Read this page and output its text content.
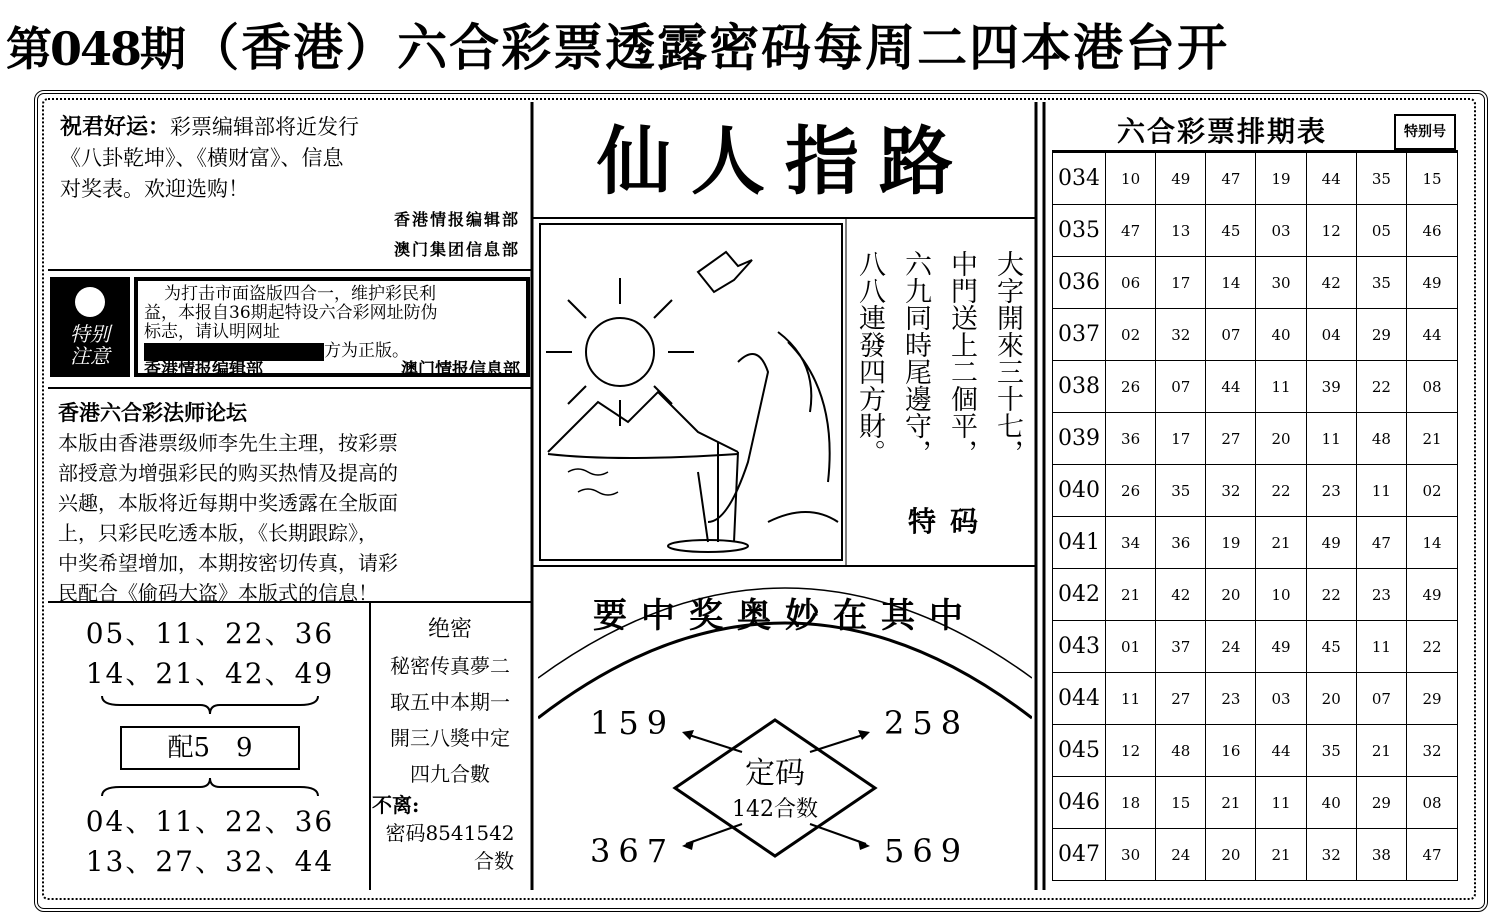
第048期 （香港）六合彩票透露密码每周二四本港台开
祝君好运：彩票编辑部将近发行
《八卦乾坤》、《横财富》、信息
对奖表。欢迎选购！
香港情报编辑部
澳门集团信息部
特别
注意
为打击市面盗版四合一，维护彩民利
益，本报自36期起特设六合彩网址防伪
标志，请认明网址
方为正版。
香港情报编辑部	澳门情报信息部
香港六合彩法师论坛
本版由香港票级师李先生主理，按彩票
部授意为增强彩民的购买热情及提高的
兴趣，本版将近每期中奖透露在全版面
上，只彩民吃透本版，《长期跟踪》，
中奖希望增加，本期按密切传真，请彩
民配合《偷码大盗》本版式的信息！
05、11、22、36
14、21、42、49
配5　9
04、11、22、36
13、27、32、44
绝密
秘密传真夢二
取五中本期一
開三八獎中定
四九合數
不离:
密码8541542
合数
仙人指路
大字開來三十七，
中門送上二個平，
六九同時尾邊守，
八八連發四方財。
特码
要中奖奥妙在其中
159	258
367	569
定码
142合数
六合彩票排期表	特别号
034	10	49	47	19	44	35	15
035	47	13	45	03	12	05	46
036	06	17	14	30	42	35	49
037	02	32	07	40	04	29	44
038	26	07	44	11	39	22	08
039	36	17	27	20	11	48	21
040	26	35	32	22	23	11	02
041	34	36	19	21	49	47	14
042	21	42	20	10	22	23	49
043	01	37	24	49	45	11	22
044	11	27	23	03	20	07	29
045	12	48	16	44	35	21	32
046	18	15	21	11	40	29	08
047	30	24	20	21	32	38	47
